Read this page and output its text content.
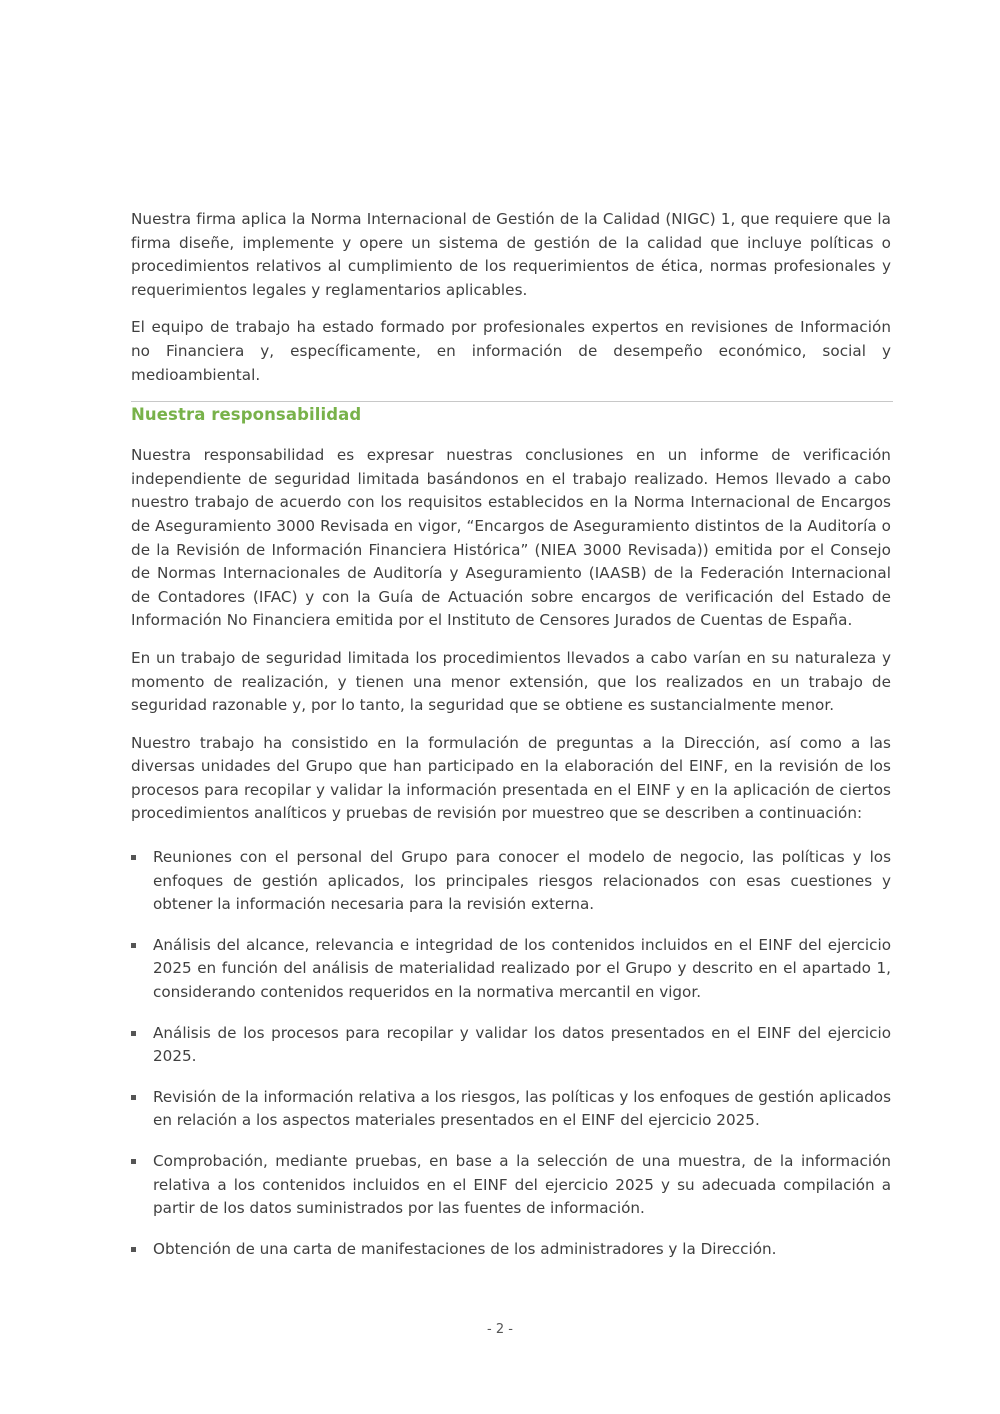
Nuestra firma aplica la Norma Internacional de Gestión de la Calidad (NIGC) 1, que requiere que la firma diseñe, implemente y opere un sistema de gestión de la calidad que incluye políticas o procedimientos relativos al cumplimiento de los requerimientos de ética, normas profesionales y requerimientos legales y reglamentarios aplicables.

El equipo de trabajo ha estado formado por profesionales expertos en revisiones de Información no Financiera y, específicamente, en información de desempeño económico, social y medioambiental.

Nuestra responsabilidad

Nuestra responsabilidad es expresar nuestras conclusiones en un informe de verificación independiente de seguridad limitada basándonos en el trabajo realizado. Hemos llevado a cabo nuestro trabajo de acuerdo con los requisitos establecidos en la Norma Internacional de Encargos de Aseguramiento 3000 Revisada en vigor, “Encargos de Aseguramiento distintos de la Auditoría o de la Revisión de Información Financiera Histórica” (NIEA 3000 Revisada)) emitida por el Consejo de Normas Internacionales de Auditoría y Aseguramiento (IAASB) de la Federación Internacional de Contadores (IFAC) y con la Guía de Actuación sobre encargos de verificación del Estado de Información No Financiera emitida por el Instituto de Censores Jurados de Cuentas de España.

En un trabajo de seguridad limitada los procedimientos llevados a cabo varían en su naturaleza y momento de realización, y tienen una menor extensión, que los realizados en un trabajo de seguridad razonable y, por lo tanto, la seguridad que se obtiene es sustancialmente menor.

Nuestro trabajo ha consistido en la formulación de preguntas a la Dirección, así como a las diversas unidades del Grupo que han participado en la elaboración del EINF, en la revisión de los procesos para recopilar y validar la información presentada en el EINF y en la aplicación de ciertos procedimientos analíticos y pruebas de revisión por muestreo que se describen a continuación:

Reuniones con el personal del Grupo para conocer el modelo de negocio, las políticas y los enfoques de gestión aplicados, los principales riesgos relacionados con esas cuestiones y obtener la información necesaria para la revisión externa.
Análisis del alcance, relevancia e integridad de los contenidos incluidos en el EINF del ejercicio 2025 en función del análisis de materialidad realizado por el Grupo y descrito en el apartado 1, considerando contenidos requeridos en la normativa mercantil en vigor.
Análisis de los procesos para recopilar y validar los datos presentados en el EINF del ejercicio 2025.
Revisión de la información relativa a los riesgos, las políticas y los enfoques de gestión aplicados en relación a los aspectos materiales presentados en el EINF del ejercicio 2025.
Comprobación, mediante pruebas, en base a la selección de una muestra, de la información relativa a los contenidos incluidos en el EINF del ejercicio 2025 y su adecuada compilación a partir de los datos suministrados por las fuentes de información.
Obtención de una carta de manifestaciones de los administradores y la Dirección.
- 2 -
